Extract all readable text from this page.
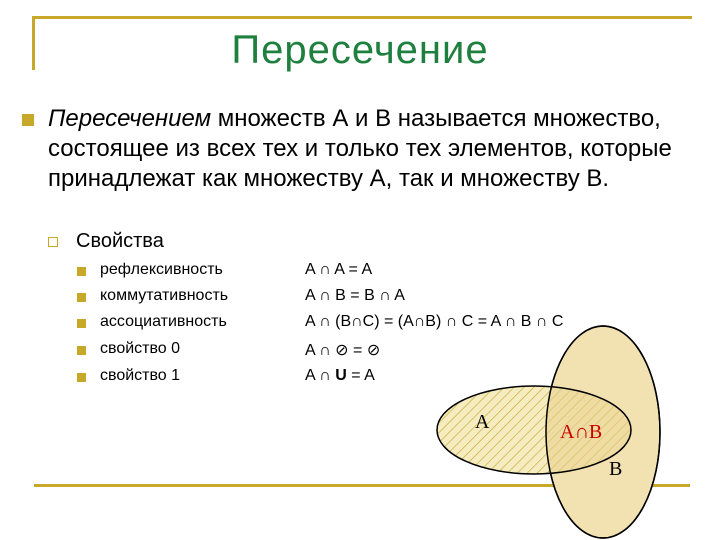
Пересечение
Пересечением множеств А и В называется множество, состоящее из всех тех и только тех элементов, которые принадлежат как множеству А, так и множеству В.
Свойства
рефлексивность	A ∩ A = A
коммутативность	A ∩ B = B ∩ A
ассоциативность	A ∩ (B∩C) = (A∩B) ∩ C = A ∩ B ∩ C
свойство 0	A ∩ ⊘ = ⊘
свойство 1	A ∩ U = A
A	A∩B
B
